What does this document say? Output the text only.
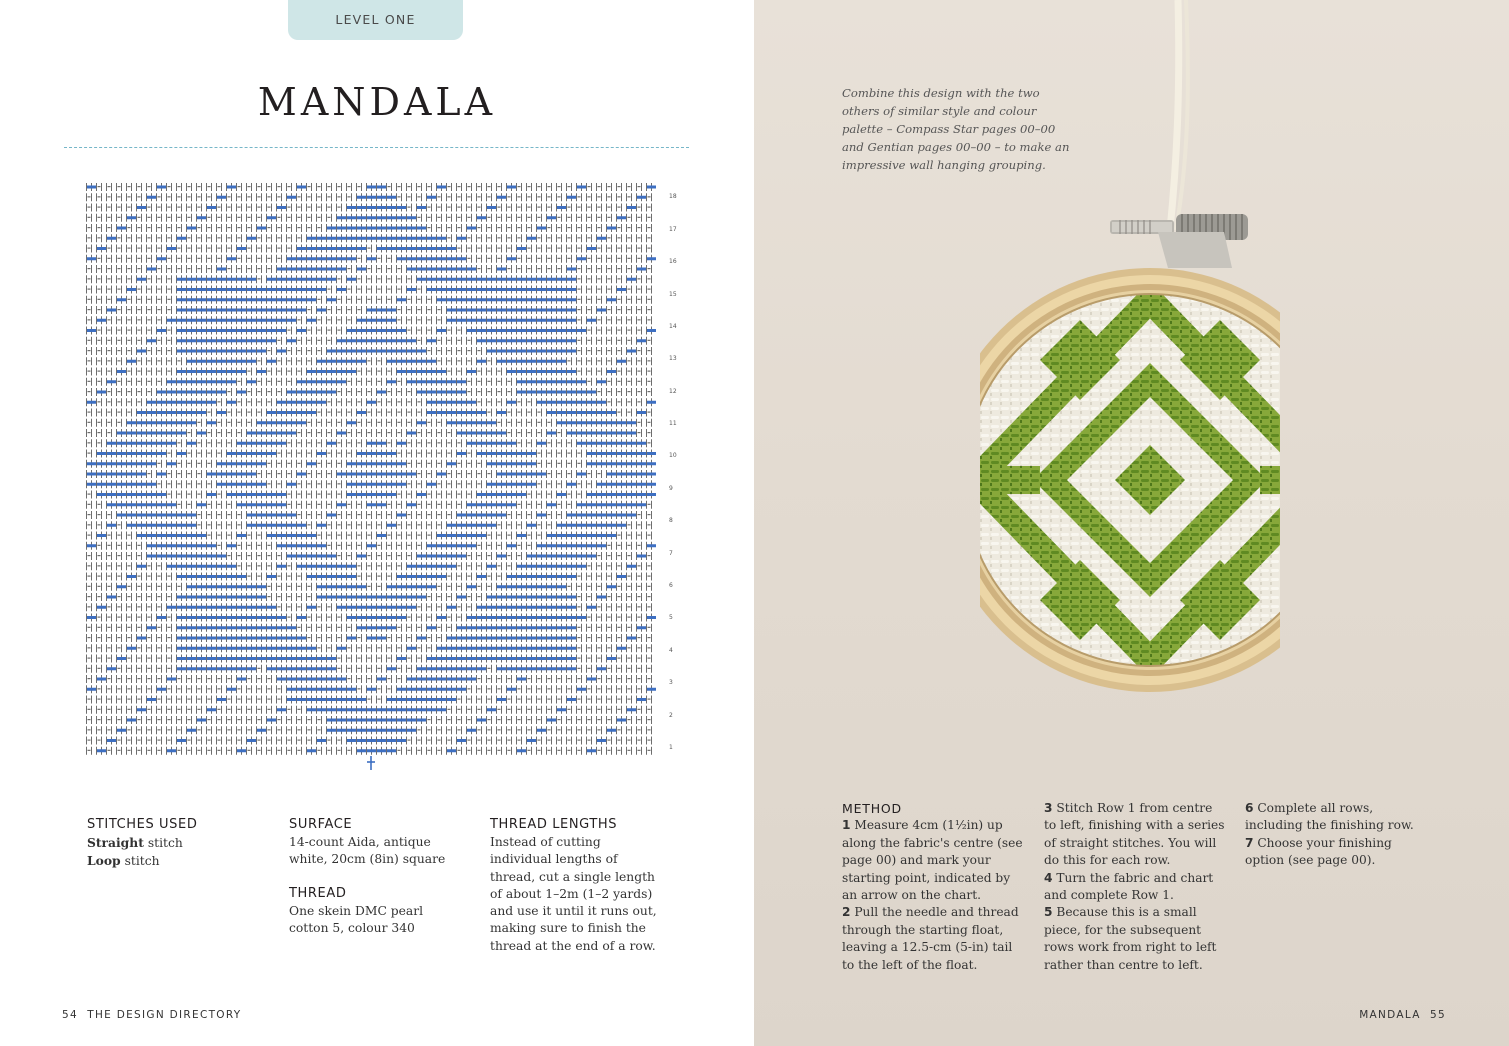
LEVEL ONE
MANDALA
18
17
16
15
14
13
12
11
10
9
8
7
6
5
4
3
2
1
STITCHES USED
Straight stitch
Loop stitch
SURFACE
14-count Aida, antique white, 20cm (8in) square
THREAD
One skein DMC pearl cotton 5, colour 340
THREAD LENGTHS
Instead of cutting individual lengths of thread, cut a single length of about 1–2m (1–2 yards) and use it until it runs out, making sure to finish the thread at the end of a row.
54 THE DESIGN DIRECTORY
Combine this design with the two others of similar style and colour palette – Compass Star pages 00–00 and Gentian pages 00–00 – to make an impressive wall hanging grouping.
METHOD
1 Measure 4cm (1½in) up along the fabric's centre (see page 00) and mark your starting point, indicated by an arrow on the chart.
2 Pull the needle and thread through the starting float, leaving a 12.5-cm (5-in) tail to the left of the float.
3 Stitch Row 1 from centre to left, finishing with a series of straight stitches. You will do this for each row.
4 Turn the fabric and chart and complete Row 1.
5 Because this is a small piece, for the subsequent rows work from right to left rather than centre to left.
6 Complete all rows, including the finishing row.
7 Choose your finishing option (see page 00).
MANDALA 55
